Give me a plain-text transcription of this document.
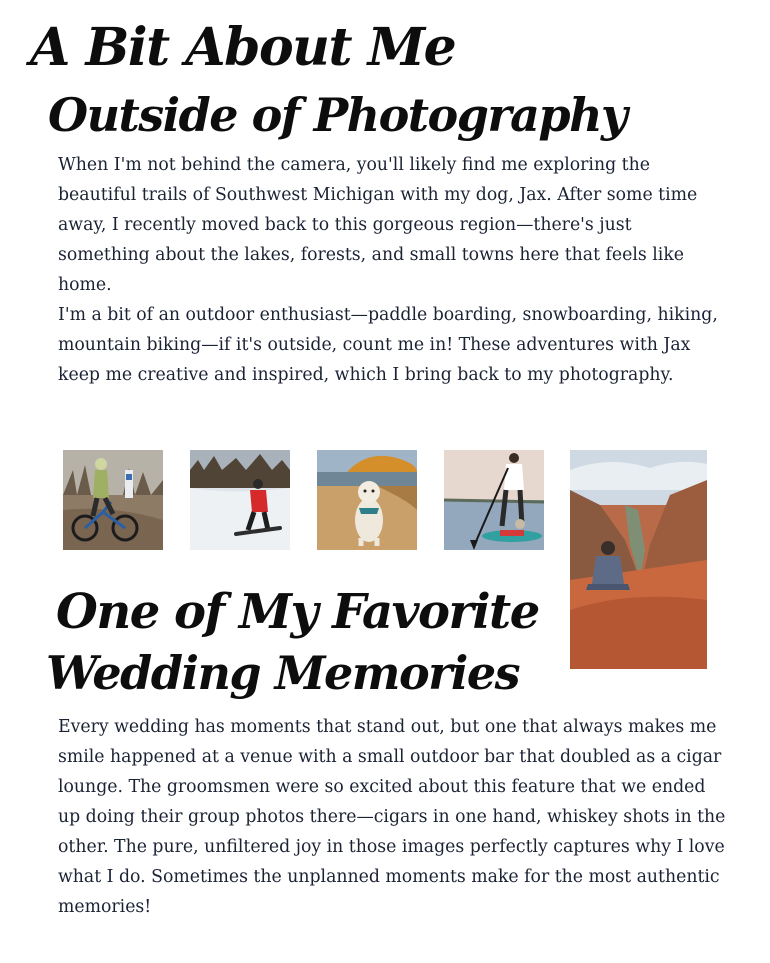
A Bit About Me
Outside of Photography

When I'm not behind the camera, you'll likely find me exploring the beautiful trails of Southwest Michigan with my dog, Jax. After some time away, I recently moved back to this gorgeous region—there's just something about the lakes, forests, and small towns here that feels like home.

I'm a bit of an outdoor enthusiast—paddle boarding, snowboarding, hiking, mountain biking—if it's outside, count me in! These adventures with Jax keep me creative and inspired, which I bring back to my photography.

One of My Favorite
Wedding Memories

Every wedding has moments that stand out, but one that always makes me smile happened at a venue with a small outdoor bar that doubled as a cigar lounge. The groomsmen were so excited about this feature that we ended up doing their group photos there—cigars in one hand, whiskey shots in the other. The pure, unfiltered joy in those images perfectly captures why I love what I do. Sometimes the unplanned moments make for the most authentic memories!
